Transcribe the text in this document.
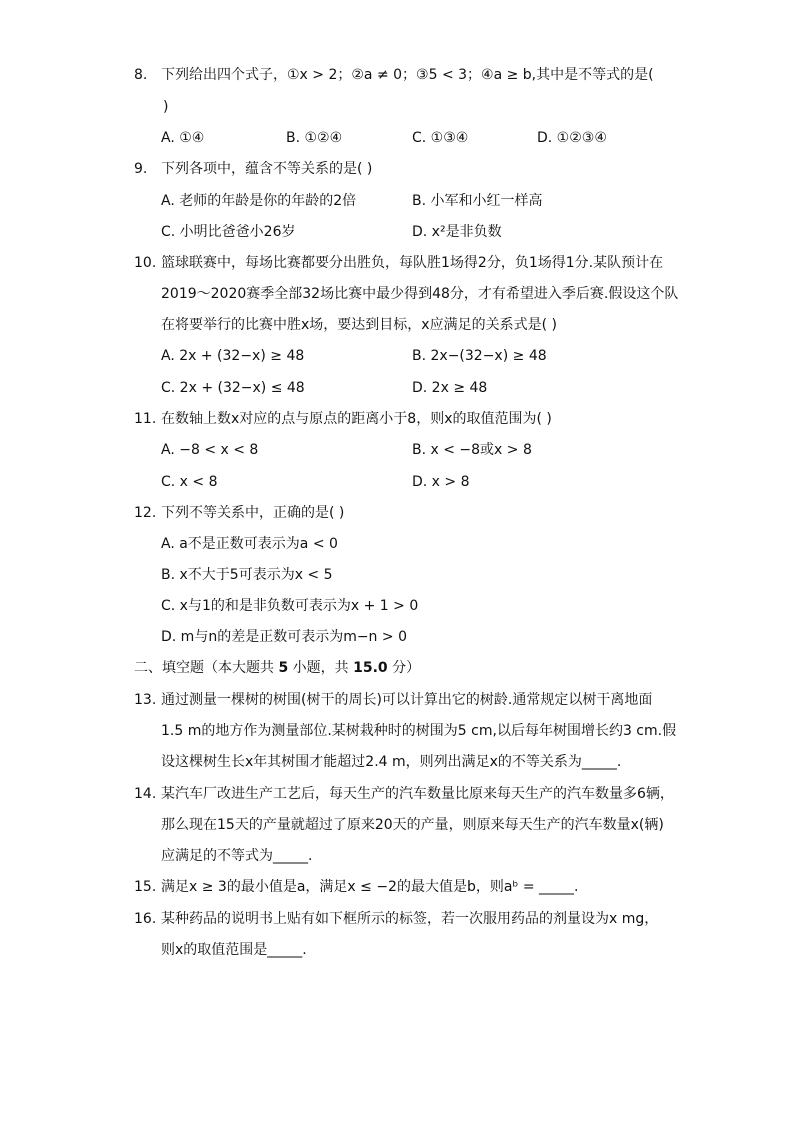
8. 下列给出四个式子，①x > 2；②a ≠ 0；③5 < 3；④a ≥ b,其中是不等式的是(
)
A. ①④	B. ①②④	C. ①③④	D. ①②③④
9. 下列各项中，蕴含不等关系的是( )
A. 老师的年龄是你的年龄的2倍	B. 小军和小红一样高
C. 小明比爸爸小26岁	D. x²是非负数
10. 篮球联赛中，每场比赛都要分出胜负，每队胜1场得2分，负1场得1分.某队预计在
2019～2020赛季全部32场比赛中最少得到48分，才有希望进入季后赛.假设这个队
在将要举行的比赛中胜x场，要达到目标，x应满足的关系式是( )
A. 2x + (32−x) ≥ 48	B. 2x−(32−x) ≥ 48
C. 2x + (32−x) ≤ 48	D. 2x ≥ 48
11. 在数轴上数x对应的点与原点的距离小于8，则x的取值范围为( )
A. −8 < x < 8	B. x < −8或x > 8
C. x < 8	D. x > 8
12. 下列不等关系中，正确的是( )
A. a不是正数可表示为a < 0
B. x不大于5可表示为x < 5
C. x与1的和是非负数可表示为x + 1 > 0
D. m与n的差是正数可表示为m−n > 0
二、填空题（本大题共 5 小题，共 15.0 分）
13. 通过测量一棵树的树围(树干的周长)可以计算出它的树龄.通常规定以树干离地面
1.5 m的地方作为测量部位.某树栽种时的树围为5 cm,以后每年树围增长约3 cm.假
设这棵树生长x年其树围才能超过2.4 m，则列出满足x的不等关系为_____.
14. 某汽车厂改进生产工艺后，每天生产的汽车数量比原来每天生产的汽车数量多6辆，
那么现在15天的产量就超过了原来20天的产量，则原来每天生产的汽车数量x(辆)
应满足的不等式为_____.
15. 满足x ≥ 3的最小值是a，满足x ≤ −2的最大值是b，则aᵇ = _____.
16. 某种药品的说明书上贴有如下框所示的标签，若一次服用药品的剂量设为x mg，
则x的取值范围是_____.
